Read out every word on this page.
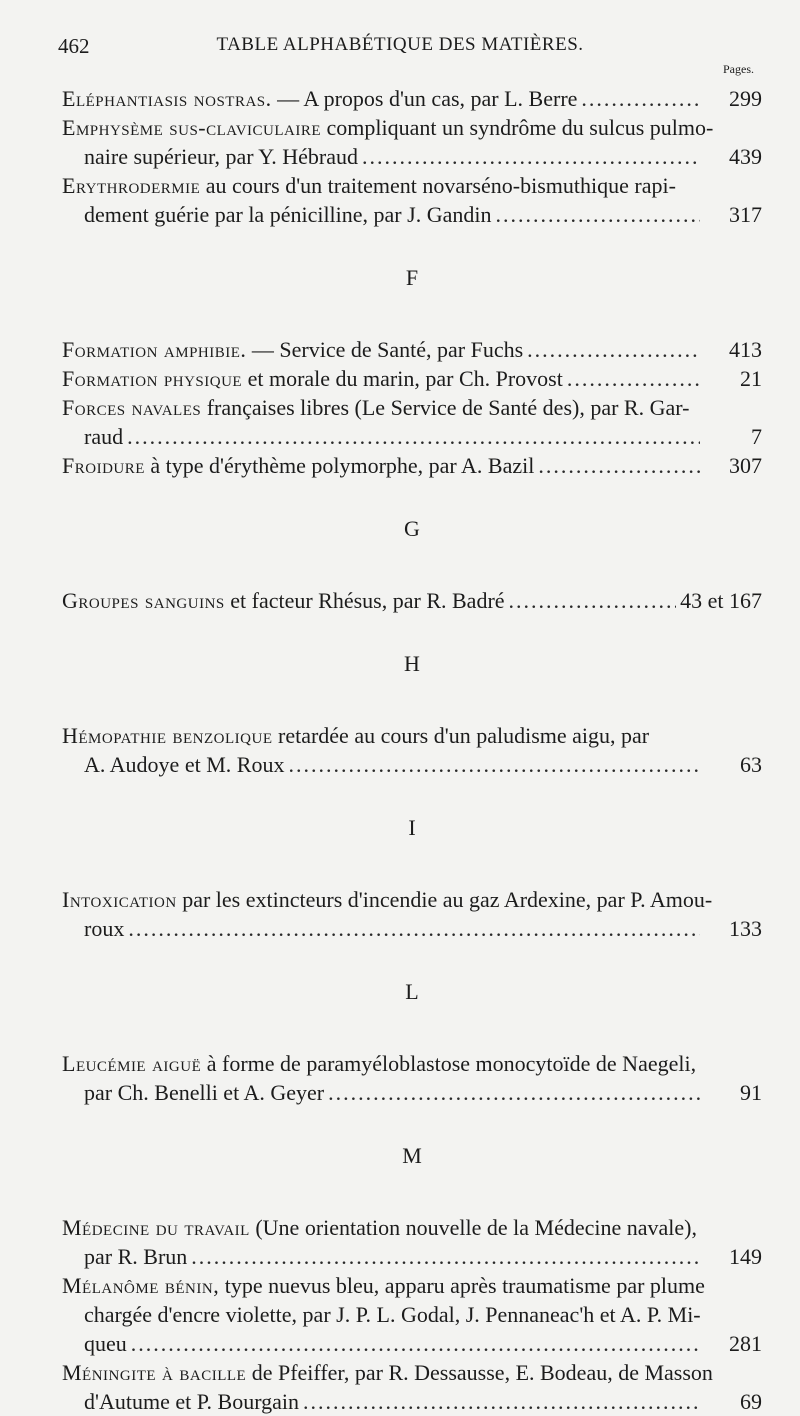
462	TABLE ALPHABÉTIQUE DES MATIÈRES.
Pages.
Eléphantiasis nostras. — A propos d'un cas, par L. Berre .....	299
Emphysème sus-claviculaire compliquant un syndrôme du sulcus pulmo-
naire supérieur, par Y. Hébraud .....	439
Erythrodermie au cours d'un traitement novarséno-bismuthique rapi-
dement guérie par la pénicilline, par J. Gandin .....	317
F
Formation amphibie. — Service de Santé, par Fuchs .....	413
Formation physique et morale du marin, par Ch. Provost .....	21
Forces navales françaises libres (Le Service de Santé des), par R. Gar-
raud .....	7
Froidure à type d'érythème polymorphe, par A. Bazil .....	307
G
Groupes sanguins et facteur Rhésus, par R. Badré .....	43 et 167
H
Hémopathie benzolique retardée au cours d'un paludisme aigu, par
A. Audoye et M. Roux .....	63
I
Intoxication par les extincteurs d'incendie au gaz Ardexine, par P. Amou-
roux .....	133
L
Leucémie aiguë à forme de paramyéloblastose monocytoïde de Naegeli,
par Ch. Benelli et A. Geyer .....	91
M
Médecine du travail (Une orientation nouvelle de la Médecine navale),
par R. Brun .....	149
Mélanôme bénin, type nuevus bleu, apparu après traumatisme par plume
chargée d'encre violette, par J. P. L. Godal, J. Pennaneac'h et A. P. Mi-
queu .....	281
Méningite à bacille de Pfeiffer, par R. Dessausse, E. Bodeau, de Masson
d'Autume et P. Bourgain .....	69
